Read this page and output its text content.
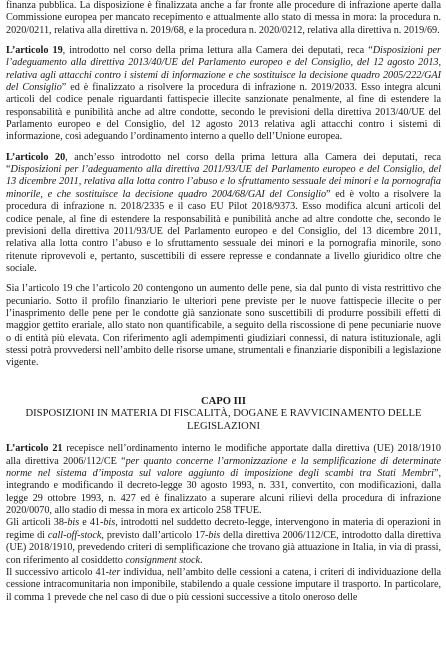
finanza pubblica. La disposizione è finalizzata anche a far fronte alle procedure di infrazione aperte dalla Commissione europea per mancato recepimento e attualmente allo stato di messa in mora: la procedura n. 2020/0211, relativa alla direttiva n. 2019/68, e la procedura n. 2020/0212, relativa alla direttiva n. 2019/69.

L’articolo 19, introdotto nel corso della prima lettura alla Camera dei deputati, reca “Disposizioni per l’adeguamento alla direttiva 2013/40/UE del Parlamento europeo e del Consiglio, del 12 agosto 2013, relativa agli attacchi contro i sistemi di informazione e che sostituisce la decisione quadro 2005/222/GAI del Consiglio” ed è finalizzato a risolvere la procedura di infrazione n. 2019/2033. Esso integra alcuni articoli del codice penale riguardanti fattispecie illecite sanzionate penalmente, al fine di estendere la responsabilità e punibilità anche ad altre condotte, secondo le previsioni della direttiva 2013/40/UE del Parlamento europeo e del Consiglio, del 12 agosto 2013 relativa agli attacchi contro i sistemi di informazione, così adeguando l’ordinamento interno a quello dell’Unione europea.

L’articolo 20, anch’esso introdotto nel corso della prima lettura alla Camera dei deputati, reca “Disposizioni per l’adeguamento alla direttiva 2011/93/UE del Parlamento europeo e del Consiglio, del 13 dicembre 2011, relativa alla lotta contro l’abuso e lo sfruttamento sessuale dei minori e la pornografia minorile, e che sostituisce la decisione quadro 2004/68/GAI del Consiglio” ed è volto a risolvere la procedura di infrazione n. 2018/2335 e il caso EU Pilot 2018/9373. Esso modifica alcuni articoli del codice penale, al fine di estendere la responsabilità e punibilità anche ad altre condotte che, secondo le previsioni della direttiva 2011/93/UE del Parlamento europeo e del Consiglio, del 13 dicembre 2011, relativa alla lotta contro l’abuso e lo sfruttamento sessuale dei minori e la pornografia minorile, sono ritenute riprovevoli e, pertanto, suscettibili di essere represse e condannate a livello giuridico oltre che sociale.

Sia l’articolo 19 che l’articolo 20 contengono un aumento delle pene, sia dal punto di vista restrittivo che pecuniario. Sotto il profilo finanziario le ulteriori pene previste per le nuove fattispecie illecite o per l’inasprimento delle pene per le condotte già sanzionate sono suscettibili di produrre possibili effetti di maggior gettito erariale, allo stato non quantificabile, a seguito della riscossione di pene pecuniarie nuove o di entità più elevata. Con riferimento agli adempimenti giudiziari connessi, di natura istituzionale, agli stessi potrà provvedersi nell’ambito delle risorse umane, strumentali e finanziarie disponibili a legislazione vigente.

CAPO III
DISPOSIZIONI IN MATERIA DI FISCALITÀ, DOGANE E RAVVICINAMENTO DELLE
LEGISLAZIONI

L’articolo 21 recepisce nell’ordinamento interno le modifiche apportate dalla direttiva (UE) 2018/1910 alla direttiva 2006/112/CE “per quanto concerne l’armonizzazione e la semplificazione di determinate norme nel sistema d’imposta sul valore aggiunto di imposizione degli scambi tra Stati Membri”, integrando e modificando il decreto-legge 30 agosto 1993, n. 331, convertito, con modificazioni, dalla legge 29 ottobre 1993, n. 427 ed è finalizzato a superare alcuni rilievi della procedura di infrazione 2020/0070, allo stadio di messa in mora ex articolo 258 TFUE.

Gli articoli 38-bis e 41-bis, introdotti nel suddetto decreto-legge, intervengono in materia di operazioni in regime di call-off-stock, previsto dall’articolo 17-bis della direttiva 2006/112/CE, introdotto dalla direttiva (UE) 2018/1910, prevedendo criteri di semplificazione che trovano già attuazione in Italia, in via di prassi, con riferimento al cosiddetto consignment stock.

Il successivo articolo 41-ter individua, nell’ambito delle cessioni a catena, i criteri di individuazione della cessione intracomunitaria non imponibile, stabilendo a quale cessione imputare il trasporto. In particolare, il comma 1 prevede che nel caso di due o più cessioni successive a titolo oneroso delle
